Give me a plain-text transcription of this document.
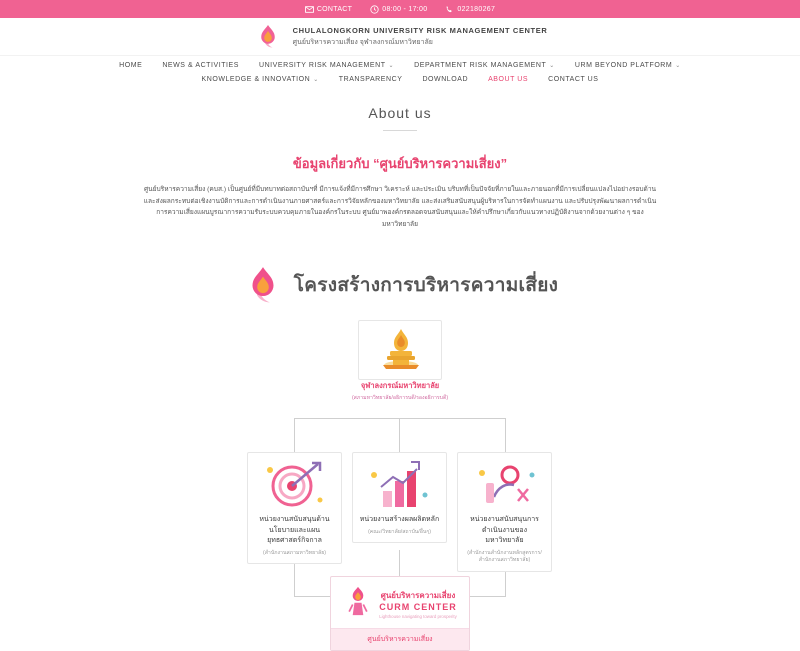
CONTACT	08:00 - 17:00	022180267
CHULALONGKORN UNIVERSITY RISK MANAGEMENT CENTER
ศูนย์บริหารความเสี่ยง จุฬาลงกรณ์มหาวิทยาลัย
HOME	NEWS & ACTIVITIES	UNIVERSITY RISK MANAGEMENT ⌄	DEPARTMENT RISK MANAGEMENT ⌄	URM BEYOND PLATFORM ⌄
KNOWLEDGE & INNOVATION ⌄	TRANSPARENCY	DOWNLOAD	ABOUT US	CONTACT US
About us
ข้อมูลเกี่ยวกับ “ศูนย์บริหารความเสี่ยง”
ศูนย์บริหารความเสี่ยง (คบส.) เป็นศูนย์ที่มีบทบาทต่อสถาบันฯที่ มีการแจ้งที่มีการศึกษา วิเคราะห์ และประเมิน บริบทที่เป็นปัจจัยที่ภายในและภายนอกที่มีการเปลี่ยนแปลงไปอย่างรอบด้าน และส่งผลกระทบต่อเชิงงานบัติการและการดำเนินงานภายศาสตร์และการวิจัยหลักของมหาวิทยาลัย และส่งเสริมสนับสนุนผู้บริหารในการจัดทำแผนงาน และปรับปรุงพัฒนาผลการดำเนินการความเสี่ยงแผนบูรณาการความรับระบบควบคุมภายในองค์กรในระบบ ศูนย์มาพองค์กรตลอดจนสนับสนุนและให้คำปรึกษาเกี่ยวกับแนวทางปฏิบัติงานจากด้วยงานต่าง ๆ ของมหาวิทยาลัย
โครงสร้างการบริหารความเสี่ยง
จุฬาลงกรณ์มหาวิทยาลัย
(สภามหาวิทยาลัย/อธิการบดี/รองอธิการบดี)
หน่วยงานสนับสนุนด้านนโยบายและแผนยุทธศาสตร์กิจกาล
(สำนักงานสภามหาวิทยาลัย)
หน่วยงานสร้างผลผลิตหลัก
(คณะ/วิทยาลัย/สถาบัน/อื่นๆ)
หน่วยงานสนับสนุนการดำเนินงานของมหาวิทยาลัย
(สำนักงานสำนักงานหลักสูตรการ/สำนักงานสภาวิทยาลัย)
ศูนย์บริหารความเสี่ยง
CURM CENTER
Lighthouse navigating toward prosperity
ศูนย์บริหารความเสี่ยง
